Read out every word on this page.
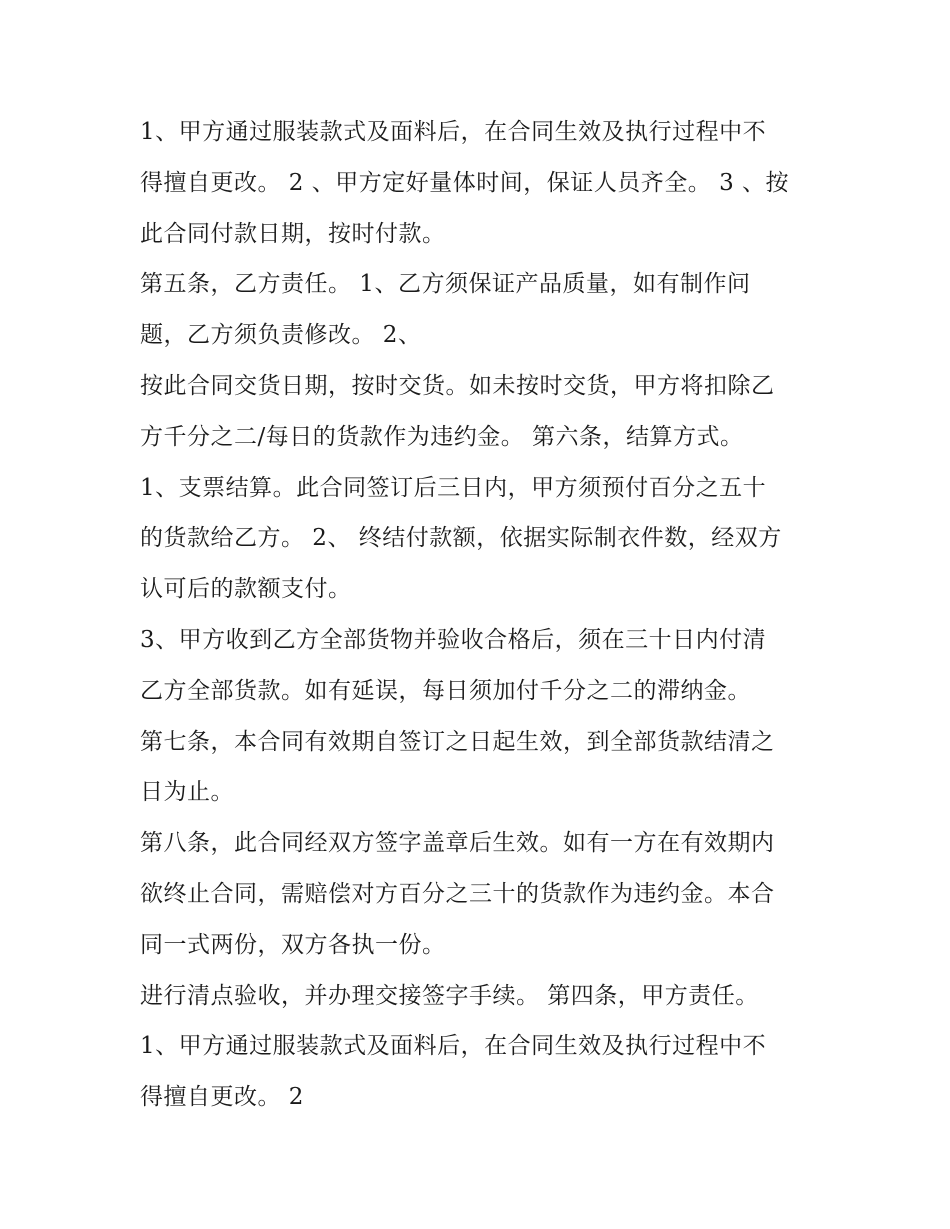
1、甲方通过服装款式及面料后，在合同生效及执行过程中不

得擅自更改。 2 、甲方定好量体时间，保证人员齐全。 3 、按

此合同付款日期，按时付款。

第五条，乙方责任。 1、乙方须保证产品质量，如有制作问

题，乙方须负责修改。 2、

按此合同交货日期，按时交货。如未按时交货，甲方将扣除乙

方千分之二/每日的货款作为违约金。 第六条，结算方式。

1、支票结算。此合同签订后三日内，甲方须预付百分之五十

的货款给乙方。 2、 终结付款额，依据实际制衣件数，经双方

认可后的款额支付。

3、甲方收到乙方全部货物并验收合格后，须在三十日内付清

乙方全部货款。如有延误，每日须加付千分之二的滞纳金。

第七条，本合同有效期自签订之日起生效，到全部货款结清之

日为止。

第八条，此合同经双方签字盖章后生效。如有一方在有效期内

欲终止合同，需赔偿对方百分之三十的货款作为违约金。本合

同一式两份，双方各执一份。

进行清点验收，并办理交接签字手续。 第四条，甲方责任。

1、甲方通过服装款式及面料后，在合同生效及执行过程中不

得擅自更改。 2
